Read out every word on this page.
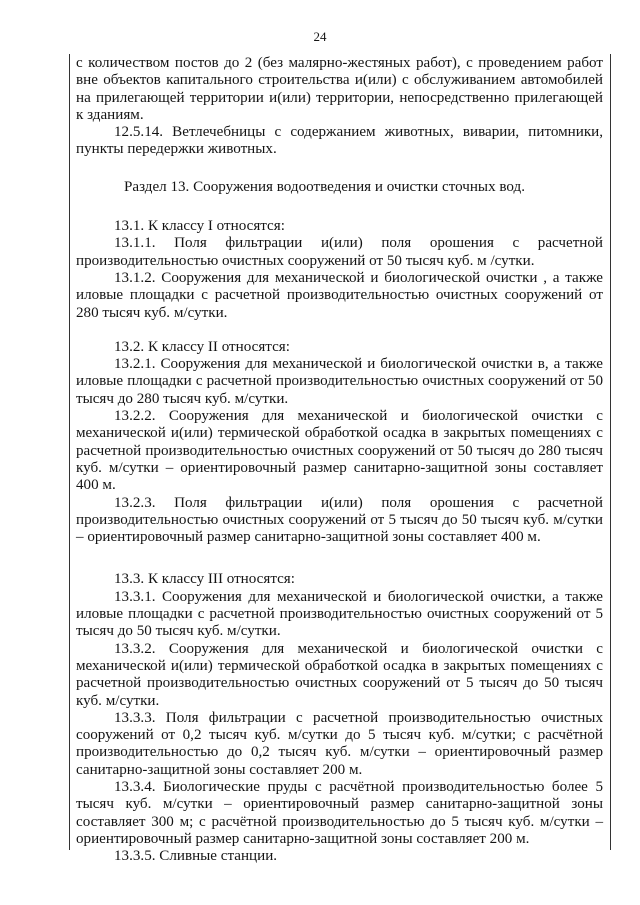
24

с количеством постов до 2 (без малярно-жестяных работ), с проведением работ вне объектов капитального строительства и(или) с обслуживанием автомобилей на прилегающей территории и(или) территории, непосредственно прилегающей к зданиям.

12.5.14. Ветлечебницы с содержанием животных, виварии, питомники, пункты передержки животных.

Раздел 13. Сооружения водоотведения и очистки сточных вод.

13.1. К классу I относятся:

13.1.1. Поля фильтрации и(или) поля орошения с расчетной производительностью очистных сооружений от 50 тысяч куб. м /сутки.

13.1.2. Сооружения для механической и биологической очистки , а также иловые площадки с расчетной производительностью очистных сооружений от 280 тысяч куб. м/сутки.

13.2. К классу II относятся:

13.2.1. Сооружения для механической и биологической очистки в, а также иловые площадки с расчетной производительностью очистных сооружений от 50 тысяч до 280 тысяч куб. м/сутки.

13.2.2. Сооружения для механической и биологической очистки с механической и(или) термической обработкой осадка в закрытых помещениях с расчетной производительностью очистных сооружений от 50 тысяч до 280 тысяч куб. м/сутки – ориентировочный размер санитарно-защитной зоны составляет 400 м.

13.2.3. Поля фильтрации и(или) поля орошения с расчетной производительностью очистных сооружений от 5 тысяч до 50 тысяч куб. м/сутки – ориентировочный размер санитарно-защитной зоны составляет 400 м.

13.3. К классу III относятся:

13.3.1. Сооружения для механической и биологической очистки, а также иловые площадки с расчетной производительностью очистных сооружений от 5 тысяч до 50 тысяч куб. м/сутки.

13.3.2. Сооружения для механической и биологической очистки с механической и(или) термической обработкой осадка в закрытых помещениях с расчетной производительностью очистных сооружений от 5 тысяч до 50 тысяч куб. м/сутки.

13.3.3. Поля фильтрации с расчетной производительностью очистных сооружений от 0,2 тысяч куб. м/сутки до 5 тысяч куб. м/сутки; с расчётной производительностью до 0,2 тысяч куб. м/сутки – ориентировочный размер санитарно-защитной зоны составляет 200 м.

13.3.4. Биологические пруды с расчётной производительностью более 5 тысяч куб. м/сутки – ориентировочный размер санитарно-защитной зоны составляет 300 м; с расчётной производительностью до 5 тысяч куб. м/сутки – ориентировочный размер санитарно-защитной зоны составляет 200 м.

13.3.5. Сливные станции.
